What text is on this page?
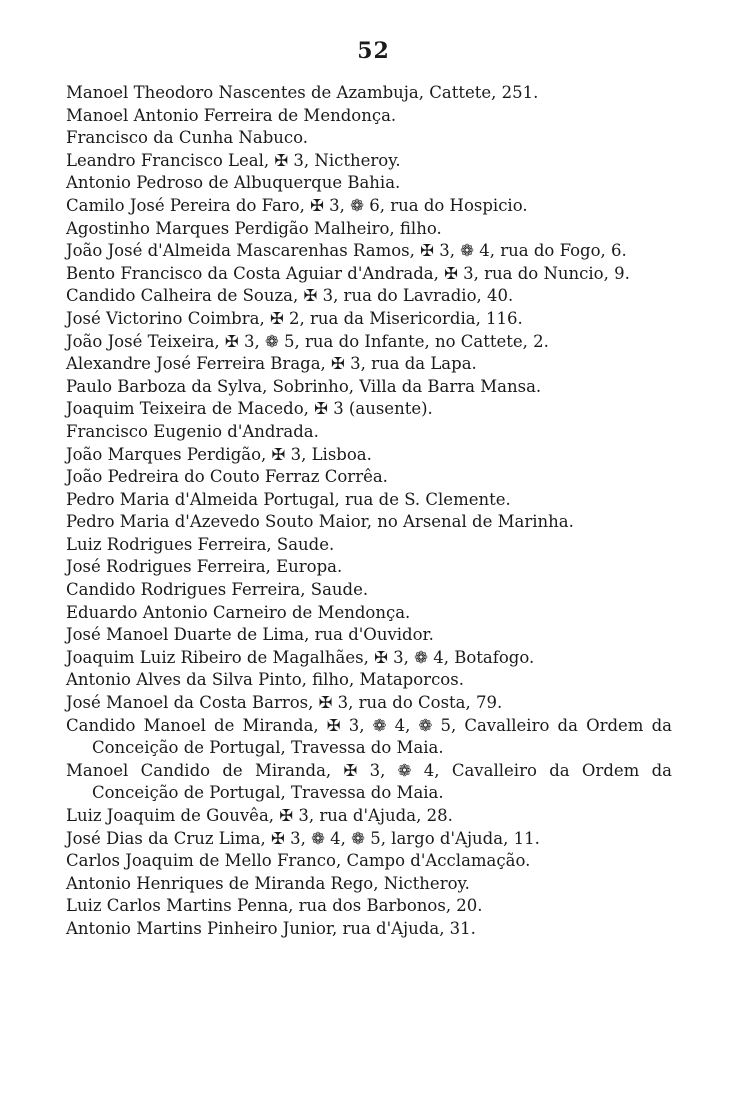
52
Manoel Theodoro Nascentes de Azambuja, Cattete, 251.
Manoel Antonio Ferreira de Mendonça.
Francisco da Cunha Nabuco.
Leandro Francisco Leal, ✠ 3, Nictheroy.
Antonio Pedroso de Albuquerque Bahia.
Camilo José Pereira do Faro, ✠ 3, ❁ 6, rua do Hospicio.
Agostinho Marques Perdigão Malheiro, filho.
João José d'Almeida Mascarenhas Ramos, ✠ 3, ❁ 4, rua do Fogo, 6.
Bento Francisco da Costa Aguiar d'Andrada, ✠ 3, rua do Nuncio, 9.
Candido Calheira de Souza, ✠ 3, rua do Lavradio, 40.
José Victorino Coimbra, ✠ 2, rua da Misericordia, 116.
João José Teixeira, ✠ 3, ❁ 5, rua do Infante, no Cattete, 2.
Alexandre José Ferreira Braga, ✠ 3, rua da Lapa.
Paulo Barboza da Sylva, Sobrinho, Villa da Barra Mansa.
Joaquim Teixeira de Macedo, ✠ 3 (ausente).
Francisco Eugenio d'Andrada.
João Marques Perdigão, ✠ 3, Lisboa.
João Pedreira do Couto Ferraz Corrêa.
Pedro Maria d'Almeida Portugal, rua de S. Clemente.
Pedro Maria d'Azevedo Souto Maior, no Arsenal de Marinha.
Luiz Rodrigues Ferreira, Saude.
José Rodrigues Ferreira, Europa.
Candido Rodrigues Ferreira, Saude.
Eduardo Antonio Carneiro de Mendonça.
José Manoel Duarte de Lima, rua d'Ouvidor.
Joaquim Luiz Ribeiro de Magalhães, ✠ 3, ❁ 4, Botafogo.
Antonio Alves da Silva Pinto, filho, Mataporcos.
José Manoel da Costa Barros, ✠ 3, rua do Costa, 79.
Candido Manoel de Miranda, ✠ 3, ❁ 4, ❁ 5, Cavalleiro da Ordem da Conceição de Portugal, Travessa do Maia.
Manoel Candido de Miranda, ✠ 3, ❁ 4, Cavalleiro da Ordem da Conceição de Portugal, Travessa do Maia.
Luiz Joaquim de Gouvêa, ✠ 3, rua d'Ajuda, 28.
José Dias da Cruz Lima, ✠ 3, ❁ 4, ❁ 5, largo d'Ajuda, 11.
Carlos Joaquim de Mello Franco, Campo d'Acclamação.
Antonio Henriques de Miranda Rego, Nictheroy.
Luiz Carlos Martins Penna, rua dos Barbonos, 20.
Antonio Martins Pinheiro Junior, rua d'Ajuda, 31.
